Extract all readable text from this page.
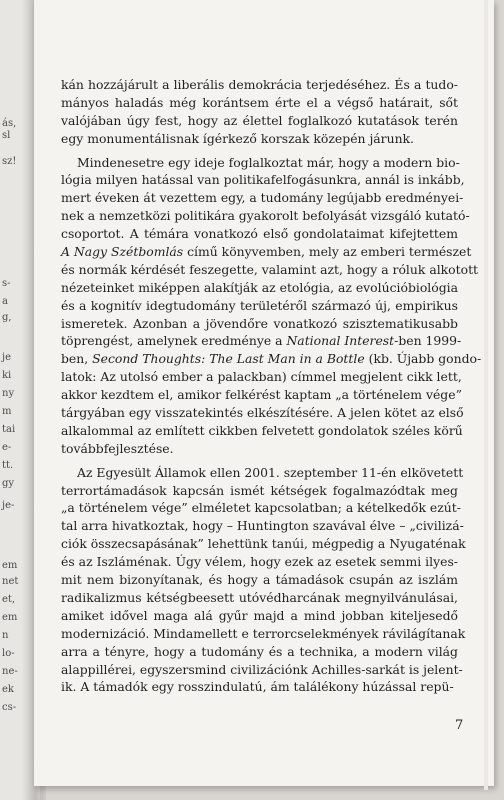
ás,
sl
sz!
s-
a
g,
je
ki
ny
m
tai
e-
tt.
gy
je-
em
net
et,
em
n
lo-
ne-
ek
cs-
kán hozzájárult a liberális demokrácia terjedéséhez. És a tudo-
mányos haladás még korántsem érte el a végső határait, sőt
valójában úgy fest, hogy az élettel foglalkozó kutatások terén
egy monumentálisnak ígérkező korszak közepén járunk.
Mindenesetre egy ideje foglalkoztat már, hogy a modern bio-
lógia milyen hatással van politikafelfogásunkra, annál is inkább,
mert éveken át vezettem egy, a tudomány legújabb eredményei-
nek a nemzetközi politikára gyakorolt befolyását vizsgáló kutató-
csoportot. A témára vonatkozó első gondolataimat kifejtettem
A Nagy Szétbomlás című könyvemben, mely az emberi természet
és normák kérdését feszegette, valamint azt, hogy a róluk alkotott
nézeteinket miképpen alakítják az etológia, az evolúcióbiológia
és a kognitív idegtudomány területéről származó új, empirikus
ismeretek. Azonban a jövendőre vonatkozó szisztematikusabb
töprengést, amelynek eredménye a National Interest-ben 1999-
ben, Second Thoughts: The Last Man in a Bottle (kb. Újabb gondo-
latok: Az utolsó ember a palackban) címmel megjelent cikk lett,
akkor kezdtem el, amikor felkérést kaptam „a történelem vége”
tárgyában egy visszatekintés elkészítésére. A jelen kötet az első
alkalommal az említett cikkben felvetett gondolatok széles körű
továbbfejlesztése.
Az Egyesült Államok ellen 2001. szeptember 11-én elkövetett
terrortámadások kapcsán ismét kétségek fogalmazódtak meg
„a történelem vége” elméletet kapcsolatban; a kételkedők ezút-
tal arra hivatkoztak, hogy – Huntington szavával élve – „civilizá-
ciók összecsapásának” lehettünk tanúi, mégpedig a Nyugaténak
és az Iszláménak. Úgy vélem, hogy ezek az esetek semmi ilyes-
mit nem bizonyítanak, és hogy a támadások csupán az iszlám
radikalizmus kétségbeesett utóvédharcának megnyilvánulásai,
amiket idővel maga alá gyűr majd a mind jobban kiteljesedő
modernizáció. Mindamellett e terrorcselekmények rávilágítanak
arra a tényre, hogy a tudomány és a technika, a modern világ
alappillérei, egyszersmind civilizációnk Achilles-sarkát is jelent-
ik. A támadók egy rosszindulatú, ám találékony húzással repü-
7
